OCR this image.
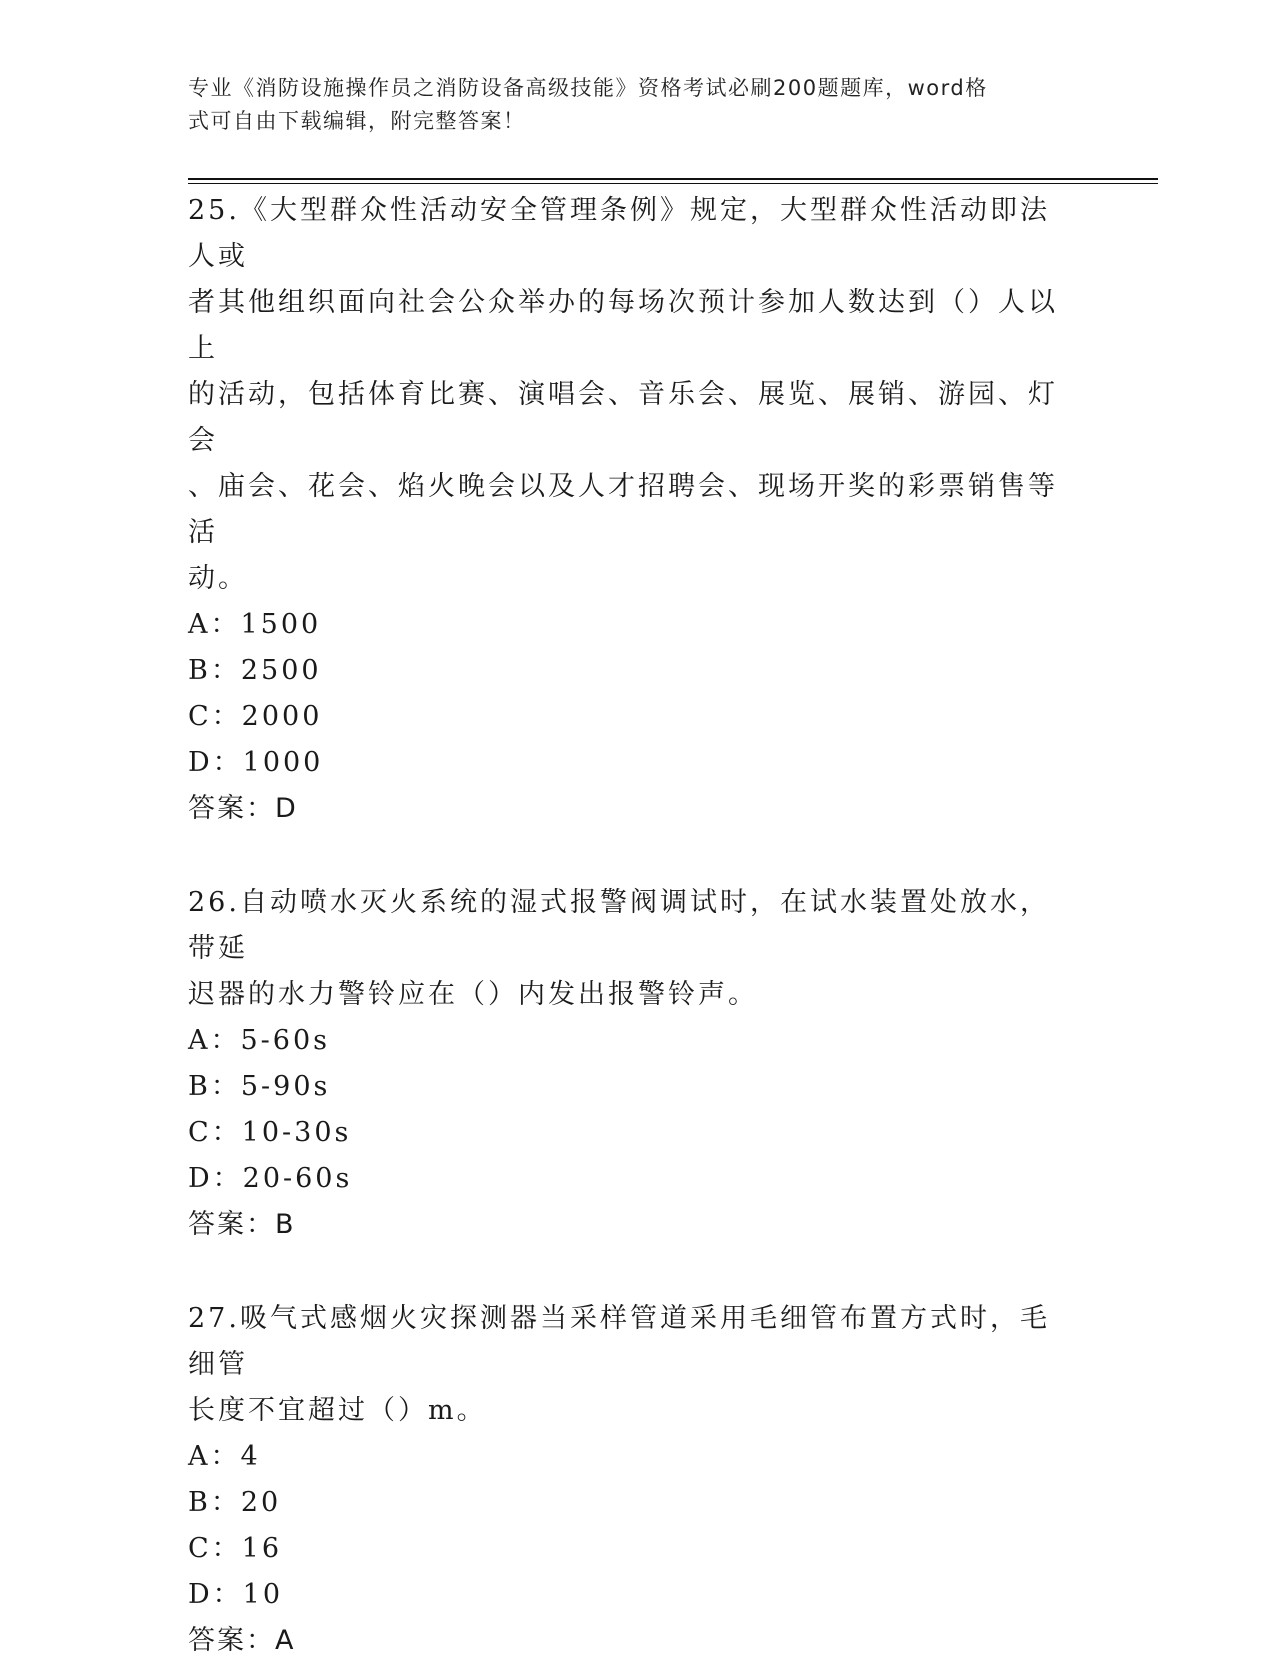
专业《消防设施操作员之消防设备高级技能》资格考试必刷200题题库，word格
式可自由下载编辑，附完整答案！

25.《大型群众性活动安全管理条例》规定，大型群众性活动即法人或

者其他组织面向社会公众举办的每场次预计参加人数达到（）人以上

的活动，包括体育比赛、演唱会、音乐会、展览、展销、游园、灯会

、庙会、花会、焰火晚会以及人才招聘会、现场开奖的彩票销售等活

动。

A：1500

B：2500

C：2000

D：1000

答案：D

26.自动喷水灭火系统的湿式报警阀调试时，在试水装置处放水，带延

迟器的水力警铃应在（）内发出报警铃声。

A：5-60s

B：5-90s

C：10-30s

D：20-60s

答案：B

27.吸气式感烟火灾探测器当采样管道采用毛细管布置方式时，毛细管

长度不宜超过（）m。

A：4

B：20

C：16

D：10

答案：A
